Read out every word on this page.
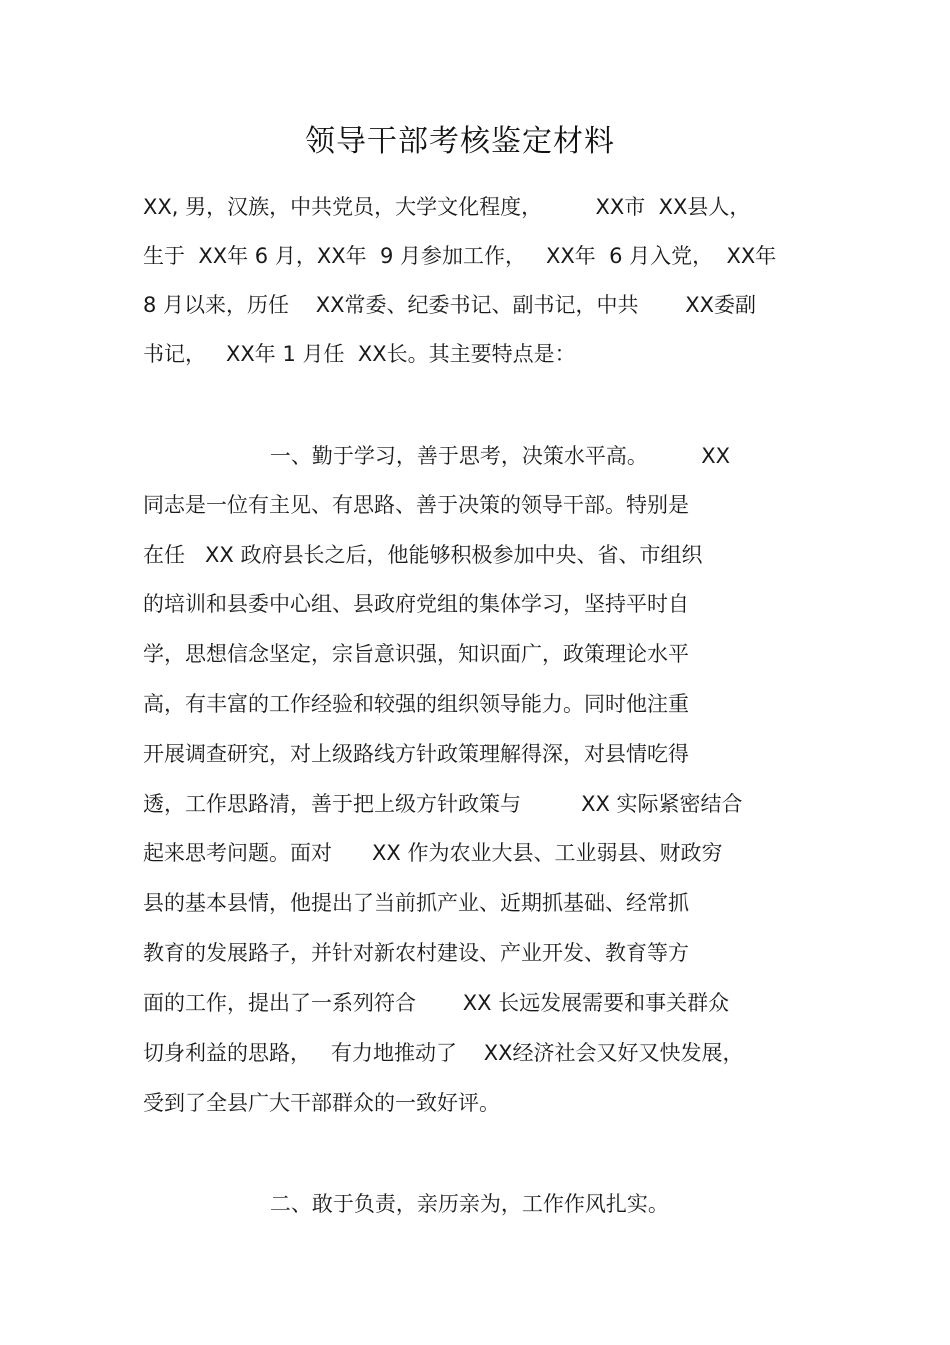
领导干部考核鉴定材料
XX, 男，汉族，中共党员，大学文化程度，        XX市  XX县人，
生于  XX年 6 月，XX年  9 月参加工作，   XX年  6 月入党，  XX年
8 月以来，历任    XX常委、纪委书记、副书记，中共       XX委副
书记，   XX年 1 月任  XX长。其主要特点是：
一、勤于学习，善于思考，决策水平高。        XX
同志是一位有主见、有思路、善于决策的领导干部。特别是
在任   XX 政府县长之后，他能够积极参加中央、省、市组织
的培训和县委中心组、县政府党组的集体学习，坚持平时自
学，思想信念坚定，宗旨意识强，知识面广，政策理论水平
高，有丰富的工作经验和较强的组织领导能力。同时他注重
开展调查研究，对上级路线方针政策理解得深，对县情吃得
透，工作思路清，善于把上级方针政策与         XX 实际紧密结合
起来思考问题。面对      XX 作为农业大县、工业弱县、财政穷
县的基本县情，他提出了当前抓产业、近期抓基础、经常抓
教育的发展路子，并针对新农村建设、产业开发、教育等方
面的工作，提出了一系列符合       XX 长远发展需要和事关群众
切身利益的思路，   有力地推动了    XX经济社会又好又快发展，
受到了全县广大干部群众的一致好评。
二、敢于负责，亲历亲为，工作作风扎实。
